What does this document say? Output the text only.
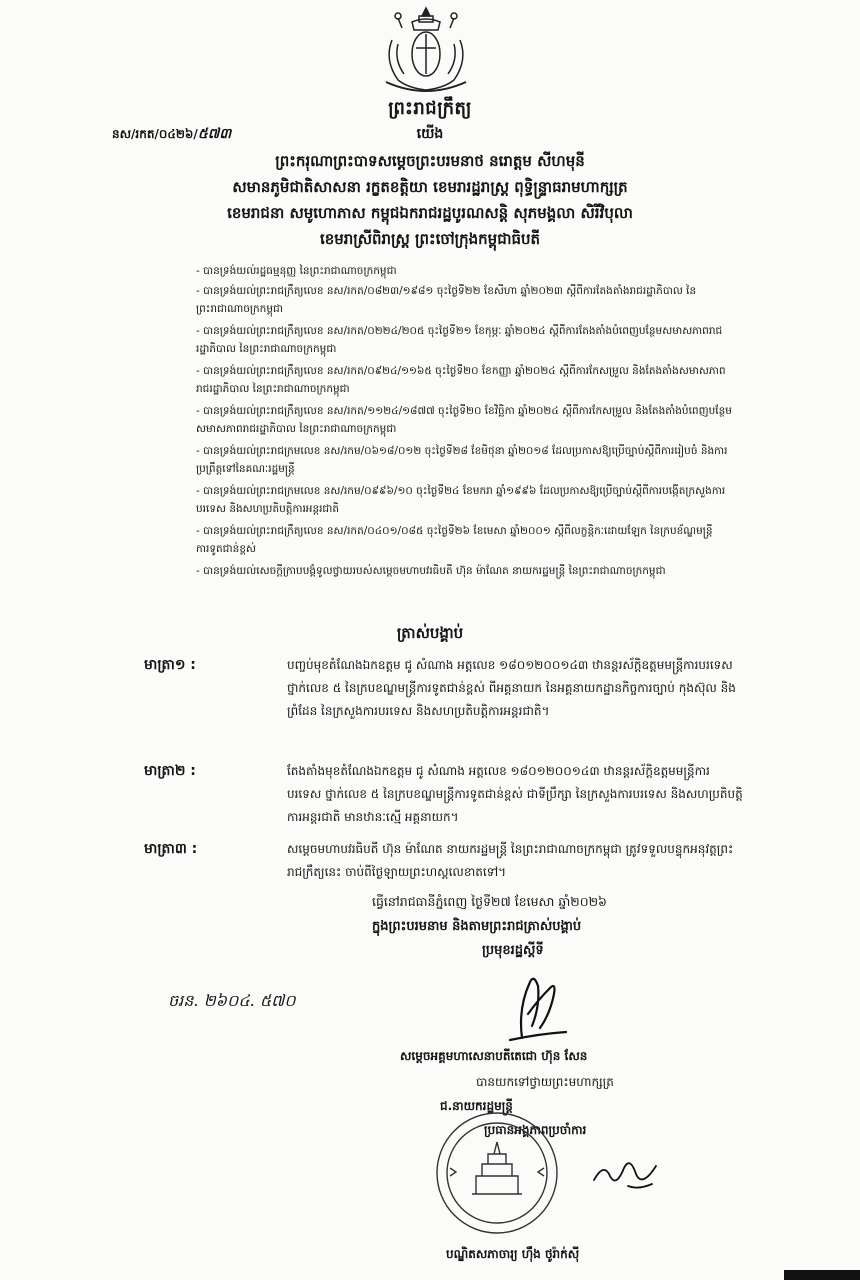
ព្រះរាជក្រឹត្យ
នស/រកត/០៤២៦/៥៧៣	យើង
ព្រះករុណាព្រះបាទសម្តេចព្រះបរមនាថ នរោត្តម សីហមុនី
សមានភូមិជាតិសាសនា រក្ខតខត្តិយា ខេមរារដ្ឋរាស្ត្រ ពុទ្ធិន្ទ្រាធរាមហាក្សត្រ
ខេមរាជនា សមូហោភាស កម្ពុជឯករាជរដ្ឋបូរណសន្តិ សុភមង្គលា សិរីវិបុលា
ខេមរាស្រីពិរាស្ត្រ ព្រះចៅក្រុងកម្ពុជាធិបតី
- បានទ្រង់យល់រដ្ឋធម្មនុញ្ញ នៃព្រះរាជាណាចក្រកម្ពុជា
- បានទ្រង់យល់ព្រះរាជក្រឹត្យលេខ នស/រកត/០៨២៣/១៩៨១ ចុះថ្ងៃទី២២ ខែសីហា ឆ្នាំ២០២៣ ស្តីពីការតែងតាំងរាជរដ្ឋាភិបាល នៃព្រះរាជាណាចក្រកម្ពុជា
- បានទ្រង់យល់ព្រះរាជក្រឹត្យលេខ នស/រកត/០២២៤/២០៥ ចុះថ្ងៃទី២១ ខែកុម្ភៈ ឆ្នាំ២០២៤ ស្តីពីការតែងតាំងបំពេញបន្ថែមសមាសភាពរាជរដ្ឋាភិបាល នៃព្រះរាជាណាចក្រកម្ពុជា
- បានទ្រង់យល់ព្រះរាជក្រឹត្យលេខ នស/រកត/០៩២៤/១១៦៥ ចុះថ្ងៃទី២០ ខែកញ្ញា ឆ្នាំ២០២៤ ស្តីពីការកែសម្រួល និងតែងតាំងសមាសភាពរាជរដ្ឋាភិបាល នៃព្រះរាជាណាចក្រកម្ពុជា
- បានទ្រង់យល់ព្រះរាជក្រឹត្យលេខ នស/រកត/១១២៤/១៨៧៧ ចុះថ្ងៃទី២០ ខែវិច្ឆិកា ឆ្នាំ២០២៤ ស្តីពីការកែសម្រួល និងតែងតាំងបំពេញបន្ថែមសមាសភាពរាជរដ្ឋាភិបាល នៃព្រះរាជាណាចក្រកម្ពុជា
- បានទ្រង់យល់ព្រះរាជក្រមលេខ នស/រកម/០៦១៨/០១២ ចុះថ្ងៃទី២៨ ខែមិថុនា ឆ្នាំ២០១៨ ដែលប្រកាសឱ្យប្រើច្បាប់ស្តីពីការរៀបចំ និងការប្រព្រឹត្តទៅនៃគណៈរដ្ឋមន្ត្រី
- បានទ្រង់យល់ព្រះរាជក្រមលេខ នស/រកម/០៩៩៦/១០ ចុះថ្ងៃទី២៤ ខែមករា ឆ្នាំ១៩៩៦ ដែលប្រកាសឱ្យប្រើច្បាប់ស្តីពីការបង្កើតក្រសួងការបរទេស និងសហប្រតិបត្តិការអន្តរជាតិ
- បានទ្រង់យល់ព្រះរាជក្រឹត្យលេខ នស/រកត/០៤០១/០៨៥ ចុះថ្ងៃទី២៦ ខែមេសា ឆ្នាំ២០០១ ស្តីពីលក្ខន្តិកៈដោយឡែក នៃក្របខ័ណ្ឌមន្ត្រីការទូតជាន់ខ្ពស់
- បានទ្រង់យល់សេចក្តីក្រាបបង្គំទូលថ្វាយរបស់សម្តេចមហាបវរធិបតី ហ៊ុន ម៉ាណែត នាយករដ្ឋមន្ត្រី នៃព្រះរាជាណាចក្រកម្ពុជា
ត្រាស់បង្គាប់
មាត្រា១ :	បញ្ចប់មុខតំណែងឯកឧត្តម ជូ សំណាង អត្តលេខ ១៨០១២០០១៤៣ ឋានន្តរស័ក្តិឧត្តមមន្ត្រីការបរទេស ថ្នាក់លេខ ៥ នៃក្របខណ្ឌមន្ត្រីការទូតជាន់ខ្ពស់ ពីអគ្គនាយក នៃអគ្គនាយកដ្ឋានកិច្ចការច្បាប់ កុងស៊ុល និងព្រំដែន នៃក្រសួងការបរទេស និងសហប្រតិបត្តិការអន្តរជាតិ។
មាត្រា២ :	តែងតាំងមុខតំណែងឯកឧត្តម ជូ សំណាង អត្តលេខ ១៨០១២០០១៤៣ ឋានន្តរស័ក្តិឧត្តមមន្ត្រីការបរទេស ថ្នាក់លេខ ៥ នៃក្របខណ្ឌមន្ត្រីការទូតជាន់ខ្ពស់ ជាទីប្រឹក្សា នៃក្រសួងការបរទេស និងសហប្រតិបត្តិការអន្តរជាតិ មានឋានៈស្មើ អគ្គនាយក។
មាត្រា៣ :	សម្តេចមហាបវរធិបតី ហ៊ុន ម៉ាណែត នាយករដ្ឋមន្ត្រី នៃព្រះរាជាណាចក្រកម្ពុជា ត្រូវទទួលបន្ទុកអនុវត្តព្រះរាជក្រឹត្យនេះ ចាប់ពីថ្ងៃឡាយព្រះហស្តលេខាតទៅ។
ធ្វើនៅរាជធានីភ្នំពេញ ថ្ងៃទី២៧ ខែមេសា ឆ្នាំ២០២៦
ក្នុងព្រះបរមនាម និងតាមព្រះរាជត្រាស់បង្គាប់
ប្រមុខរដ្ឋស្តីទី
ចរន. ២៦០៤. ៥៧០
សម្តេចអគ្គមហាសេនាបតីតេជោ ហ៊ុន សែន
បានយកទៅថ្វាយព្រះមហាក្សត្រ
ជ.នាយករដ្ឋមន្ត្រី
ប្រធានអង្គភាពប្រចាំការ
បណ្ឌិតសភាចារ្យ ហ៊ឹង ថូរ៉ាក់ស៊ី
